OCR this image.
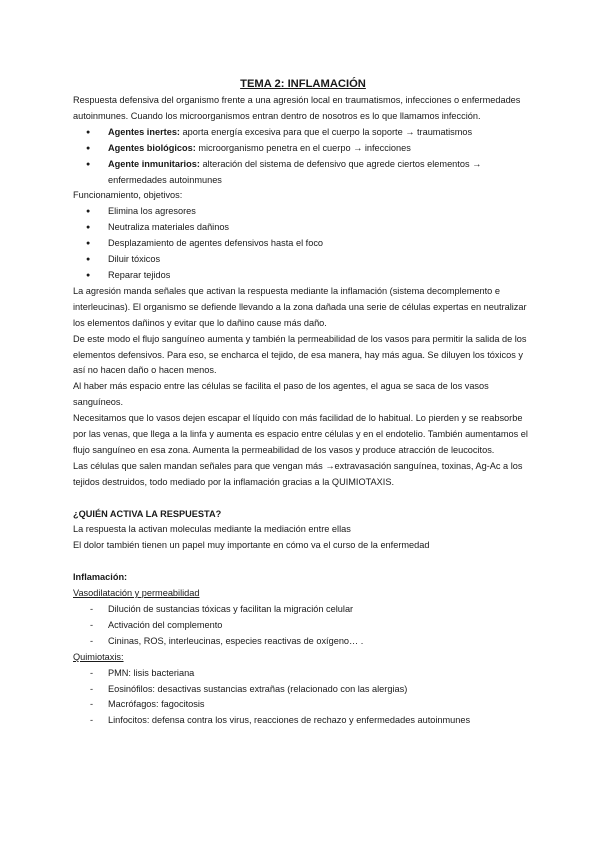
TEMA 2: INFLAMACIÓN

Respuesta defensiva del organismo frente a una agresión local en traumatismos, infecciones o enfermedades autoinmunes. Cuando los microorganismos entran dentro de nosotros es lo que llamamos infección.

● Agentes inertes: aporta energía excesiva para que el cuerpo la soporte → traumatismos
● Agentes biológicos: microorganismo penetra en el cuerpo → infecciones
● Agente inmunitarios: alteración del sistema de defensivo que agrede ciertos elementos → enfermedades autoinmunes

Funcionamiento, objetivos:

● Elimina los agresores
● Neutraliza materiales dañinos
● Desplazamiento de agentes defensivos hasta el foco
● Diluir tóxicos
● Reparar tejidos

La agresión manda señales que activan la respuesta mediante la inflamación (sistema decomplemento e interleucinas). El organismo se defiende llevando a la zona dañada una serie de células expertas en neutralizar los elementos dañinos y evitar que lo dañino cause más daño.

De este modo el flujo sanguíneo aumenta y también la permeabilidad de los vasos para permitir la salida de los elementos defensivos. Para eso, se encharca el tejido, de esa manera, hay más agua. Se diluyen los tóxicos y así no hacen daño o hacen menos.

Al haber más espacio entre las células se facilita el paso de los agentes, el agua se saca de los vasos sanguíneos.

Necesitamos que lo vasos dejen escapar el líquido con más facilidad de lo habitual. Lo pierden y se reabsorbe por las venas, que llega a la linfa y aumenta es espacio entre células y en el endotelio. También aumentamos el flujo sanguíneo en esa zona. Aumenta la permeabilidad de los vasos y produce atracción de leucocitos.

Las células que salen mandan señales para que vengan más →extravasación sanguínea, toxinas, Ag-Ac a los tejidos destruidos, todo mediado por la inflamación gracias a la QUIMIOTAXIS.

¿QUIÉN ACTIVA LA RESPUESTA?

La respuesta la activan moleculas mediante la mediación entre ellas

El dolor también tienen un papel muy importante en cómo va el curso de la enfermedad

Inflamación:

Vasodilatación y permeabilidad

- Dilución de sustancias tóxicas y facilitan la migración celular
- Activación del complemento
- Cininas, ROS, interleucinas, especies reactivas de oxígeno… .

Quimiotaxis:

- PMN: lisis bacteriana
- Eosinófilos: desactivas sustancias extrañas (relacionado con las alergias)
- Macrófagos: fagocitosis
- Linfocitos: defensa contra los virus, reacciones de rechazo y enfermedades autoinmunes
